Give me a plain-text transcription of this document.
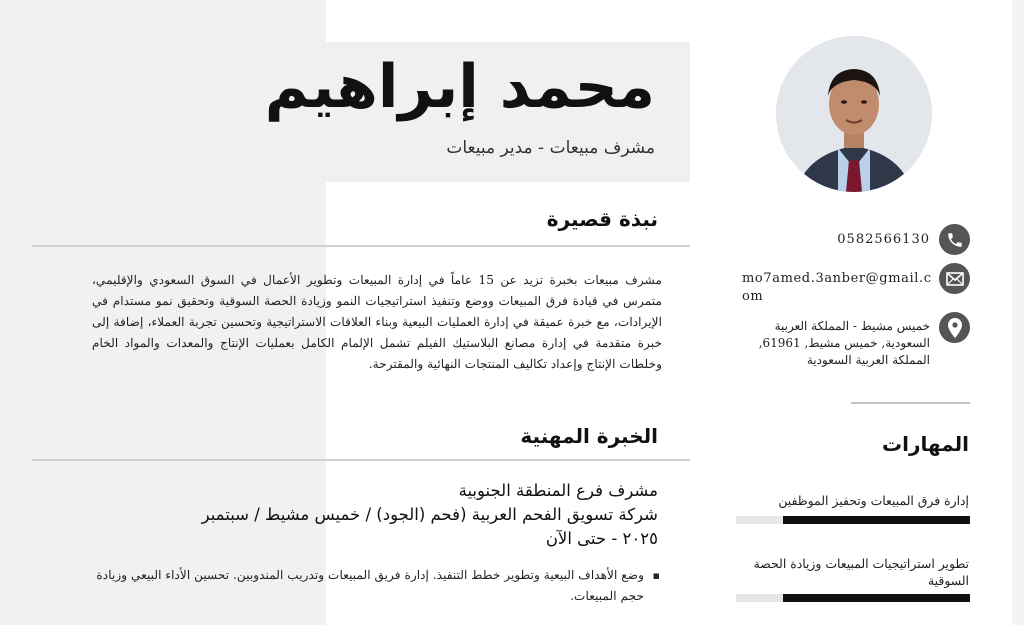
محمد إبراهيم

مشرف مبيعات - مدير مبيعات

0582566130

mo7amed.3anber@gmail.com

خميس مشيط - المملكة العربية السعودية, خميس مشيط, 61961, المملكة العربية السعودية

نبذة قصيرة

مشرف مبيعات بخبرة تزيد عن 15 عاماً في إدارة المبيعات وتطوير الأعمال في السوق السعودي والإقليمي، متمرس في قيادة فرق المبيعات ووضع وتنفيذ استراتيجيات النمو وزيادة الحصة السوقية وتحقيق نمو مستدام في الإيرادات، مع خبرة عميقة في إدارة العمليات البيعية وبناء العلاقات الاستراتيجية وتحسين تجربة العملاء، إضافة إلى خبرة متقدمة في إدارة مصانع البلاستيك الفيلم تشمل الإلمام الكامل بعمليات الإنتاج والمعدات والمواد الخام وخلطات الإنتاج وإعداد تكاليف المنتجات النهائية والمقترحة.

الخبرة المهنية

مشرف فرع المنطقة الجنوبية

شركة تسويق الفحم العربية (فحم (الجود) / خميس مشيط / سبتمبر

٢٠٢٥ - حتى الآن

▪ وضع الأهداف البيعية وتطوير خطط التنفيذ. إدارة فريق المبيعات وتدريب المندوبين. تحسين الأداء البيعي وزيادة حجم المبيعات.
المهارات

إدارة فرق المبيعات وتحفيز الموظفين

تطوير استراتيجيات المبيعات وزيادة الحصة السوقية
